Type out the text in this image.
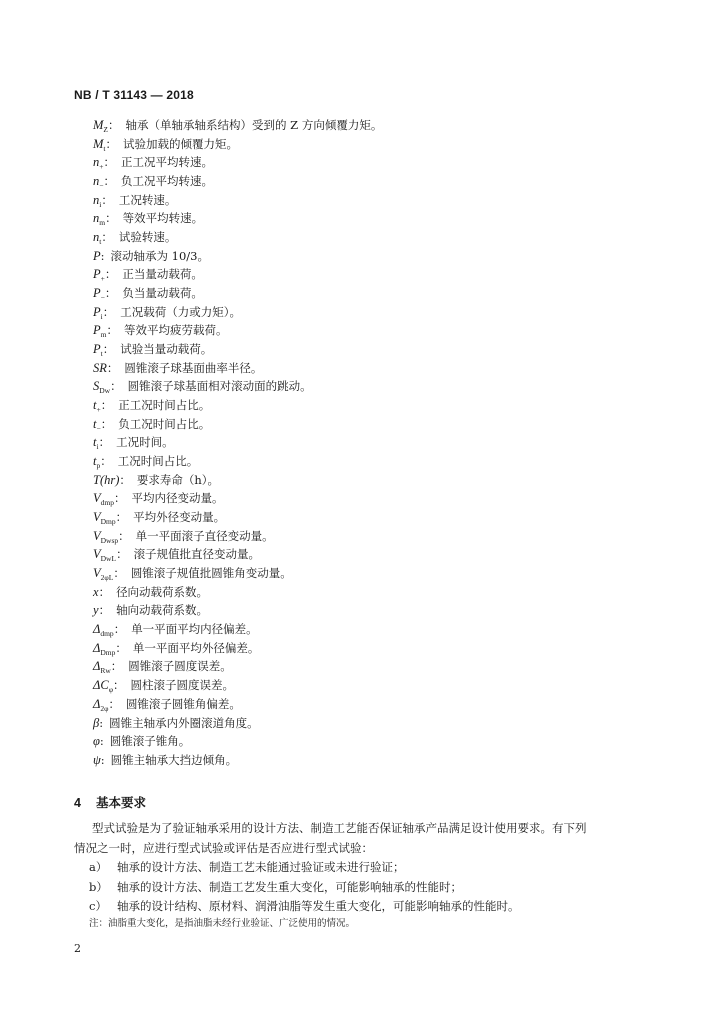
NB / T 31143 — 2018
$M_Z$： 轴承（单轴承轴系结构）受到的 Z 方向倾覆力矩。
$M_t$： 试验加载的倾覆力矩。
$n_+$： 正工况平均转速。
$n_-$： 负工况平均转速。
$n_i$： 工况转速。
$n_m$： 等效平均转速。
$n_t$： 试验转速。
P: 滚动轴承为 10/3。
$P_+$： 正当量动载荷。
$P_-$： 负当量动载荷。
$P_i$： 工况载荷（力或力矩）。
$P_m$： 等效平均疲劳载荷。
$P_t$： 试验当量动载荷。
SR： 圆锥滚子球基面曲率半径。
$S_{Dw}$： 圆锥滚子球基面相对滚动面的跳动。
$t_+$： 正工况时间占比。
$t_-$： 负工况时间占比。
$t_i$： 工况时间。
$t_p$： 工况时间占比。
T(hr)： 要求寿命（h）。
$V_{dmp}$： 平均内径变动量。
$V_{Dmp}$： 平均外径变动量。
$V_{Dwsp}$： 单一平面滚子直径变动量。
$V_{DwL}$： 滚子规值批直径变动量。
$V_{2\varphi L}$： 圆锥滚子规值批圆锥角变动量。
x： 径向动载荷系数。
y： 轴向动载荷系数。
$\Delta_{dmp}$： 单一平面平均内径偏差。
$\Delta_{Dmp}$： 单一平面平均外径偏差。
$\Delta_{Rw}$： 圆锥滚子圆度误差。
$\Delta C_\varphi$： 圆柱滚子圆度误差。
$\Delta_{2\varphi}$： 圆锥滚子圆锥角偏差。
β: 圆锥主轴承内外圈滚道角度。
φ: 圆锥滚子锥角。
ψ: 圆锥主轴承大挡边倾角。
4 基本要求
型式试验是为了验证轴承采用的设计方法、制造工艺能否保证轴承产品满足设计使用要求。有下列
情况之一时，应进行型式试验或评估是否应进行型式试验：
a） 轴承的设计方法、制造工艺未能通过验证或未进行验证；
b） 轴承的设计方法、制造工艺发生重大变化，可能影响轴承的性能时；
c） 轴承的设计结构、原材料、润滑油脂等发生重大变化，可能影响轴承的性能时。
注：油脂重大变化，是指油脂未经行业验证、广泛使用的情况。
2
